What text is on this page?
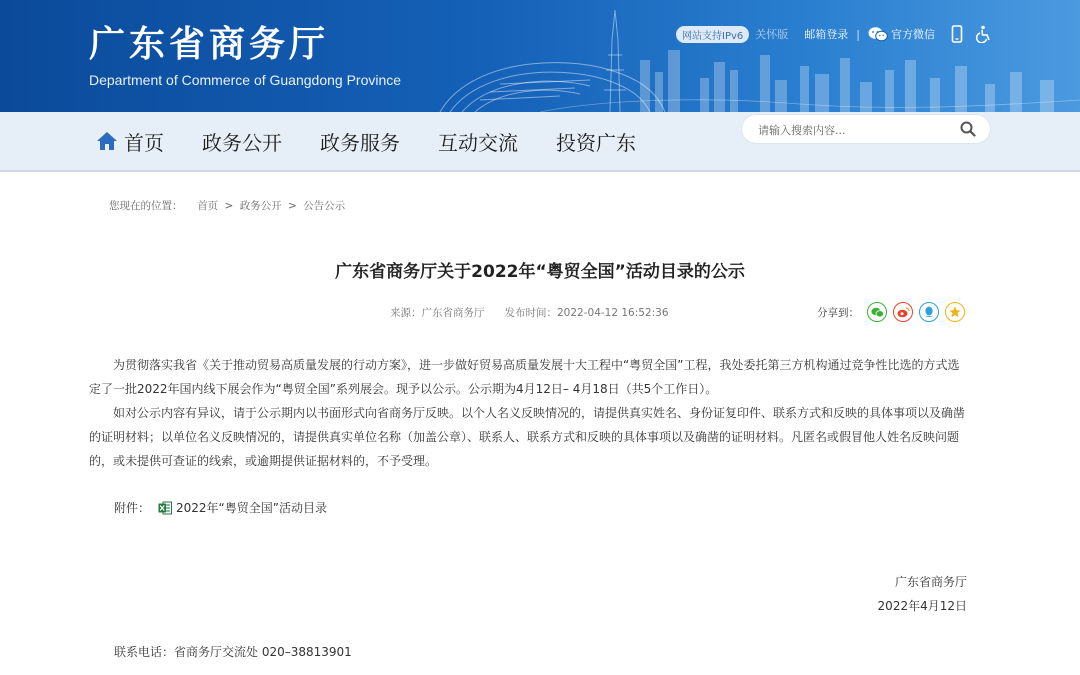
广东省商务厅
Department of Commerce of Guangdong Province
网站支持IPv6	关怀版 邮箱登录 |	官方微信
首页 政务公开 政务服务 互动交流 投资广东
请输入搜索内容...
您现在的位置： 首页 > 政务公开 > 公告公示
广东省商务厅关于2022年“粤贸全国”活动目录的公示
来源：广东省商务厅 发布时间：2022-04-12 16:52:36	分享到：

为贯彻落实我省《关于推动贸易高质量发展的行动方案》，进一步做好贸易高质量发展十大工程中“粤贸全国”工程，我处委托第三方机构通过竞争性比选的方式选定了一批2022年国内线下展会作为“粤贸全国”系列展会。现予以公示。公示期为4月12日– 4月18日（共5个工作日）。

如对公示内容有异议，请于公示期内以书面形式向省商务厅反映。以个人名义反映情况的，请提供真实姓名、身份证复印件、联系方式和反映的具体事项以及确凿的证明材料；以单位名义反映情况的，请提供真实单位名称（加盖公章）、联系人、联系方式和反映的具体事项以及确凿的证明材料。凡匿名或假冒他人姓名反映问题的，或未提供可查证的线索，或逾期提供证据材料的，不予受理。

附件： 2022年“粤贸全国”活动目录
广东省商务厅
2022年4月12日
联系电话：省商务厅交流处 020–38813901
